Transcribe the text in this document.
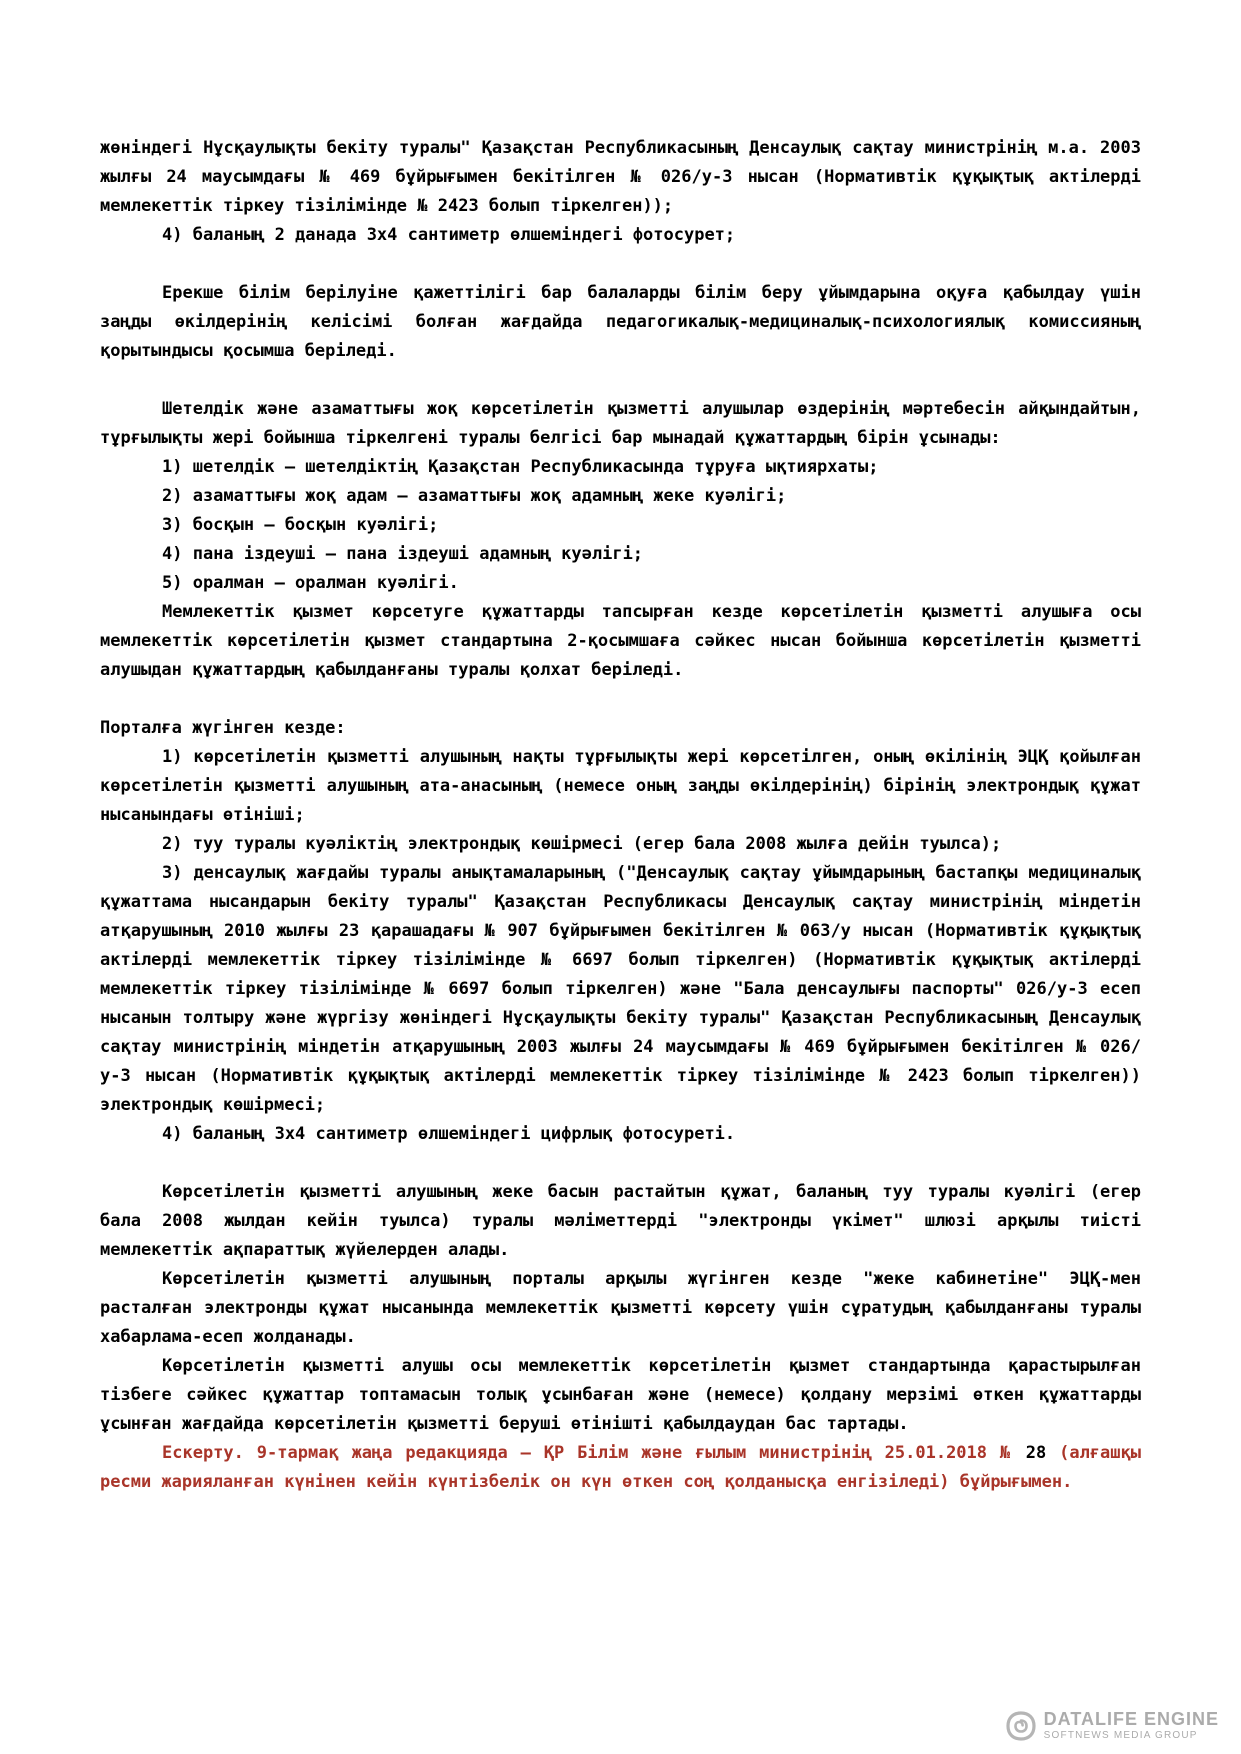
жөніндегі Нұсқаулықты бекіту туралы" Қазақстан Республикасының Денсаулық сақтау министрінің м.а. 2003 жылғы 24 маусымдағы № 469 бұйрығымен бекітілген № 026/у-3 нысан (Нормативтік құқықтық актілерді мемлекеттік тіркеу тізілімінде № 2423 болып тіркелген));

4) баланың 2 данада 3х4 сантиметр өлшеміндегі фотосурет;

Ерекше білім берілуіне қажеттілігі бар балаларды білім беру ұйымдарына оқуға қабылдау үшін заңды өкілдерінің келісімі болған жағдайда педагогикалық-медициналық-психологиялық комиссияның қорытындысы қосымша беріледі.

Шетелдік және азаматтығы жоқ көрсетілетін қызметті алушылар өздерінің мәртебесін айқындайтын, тұрғылықты жері бойынша тіркелгені туралы белгісі бар мынадай құжаттардың бірін ұсынады:

1) шетелдік – шетелдіктің Қазақстан Республикасында тұруға ықтиярхаты;

2) азаматтығы жоқ адам – азаматтығы жоқ адамның жеке куәлігі;

3) босқын – босқын куәлігі;

4) пана іздеуші – пана іздеуші адамның куәлігі;

5) оралман – оралман куәлігі.

Мемлекеттік қызмет көрсетуге құжаттарды тапсырған кезде көрсетілетін қызметті алушыға осы мемлекеттік көрсетілетін қызмет стандартына 2-қосымшаға сәйкес нысан бойынша көрсетілетін қызметті алушыдан құжаттардың қабылданғаны туралы қолхат беріледі.

Порталға жүгінген кезде:

1) көрсетілетін қызметті алушының нақты тұрғылықты жері көрсетілген, оның өкілінің ЭЦҚ қойылған көрсетілетін қызметті алушының ата-анасының (немесе оның заңды өкілдерінің) бірінің электрондық құжат нысанындағы өтініші;

2) туу туралы куәліктің электрондық көшірмесі (егер бала 2008 жылға дейін туылса);

3) денсаулық жағдайы туралы анықтамаларының ("Денсаулық сақтау ұйымдарының бастапқы медициналық құжаттама нысандарын бекіту туралы" Қазақстан Республикасы Денсаулық сақтау министрінің міндетін атқарушының 2010 жылғы 23 қарашадағы № 907 бұйрығымен бекітілген № 063/у нысан (Нормативтік құқықтық актілерді мемлекеттік тіркеу тізілімінде № 6697 болып тіркелген) (Нормативтік құқықтық актілерді мемлекеттік тіркеу тізілімінде № 6697 болып тіркелген) және "Бала денсаулығы паспорты" 026/у-3 есеп нысанын толтыру және жүргізу жөніндегі Нұсқаулықты бекіту туралы" Қазақстан Республикасының Денсаулық сақтау министрінің міндетін атқарушының 2003 жылғы 24 маусымдағы № 469 бұйрығымен бекітілген № 026/у-3 нысан (Нормативтік құқықтық актілерді мемлекеттік тіркеу тізілімінде № 2423 болып тіркелген)) электрондық көшірмесі;

4) баланың 3х4 сантиметр өлшеміндегі цифрлық фотосуреті.

Көрсетілетін қызметті алушының жеке басын растайтын құжат, баланың туу туралы куәлігі (егер бала 2008 жылдан кейін туылса) туралы мәліметтерді "электронды үкімет" шлюзі арқылы тиісті мемлекеттік ақпараттық жүйелерден алады.

Көрсетілетін қызметті алушының порталы арқылы жүгінген кезде "жеке кабинетіне" ЭЦҚ-мен расталған электронды құжат нысанында мемлекеттік қызметті көрсету үшін сұратудың қабылданғаны туралы хабарлама-есеп жолданады.

Көрсетілетін қызметті алушы осы мемлекеттік көрсетілетін қызмет стандартында қарастырылған тізбеге сәйкес құжаттар топтамасын толық ұсынбаған және (немесе) қолдану мерзімі өткен құжаттарды ұсынған жағдайда көрсетілетін қызметті беруші өтінішті қабылдаудан бас тартады.

Ескерту. 9-тармақ жаңа редакцияда – ҚР Білім және ғылым министрінің 25.01.2018 № 28 (алғашқы ресми жарияланған күнінен кейін күнтізбелік он күн өткен соң қолданысқа енгізіледі) бұйрығымен.

DATALIFE ENGINE
SOFTNEWS MEDIA GROUP
